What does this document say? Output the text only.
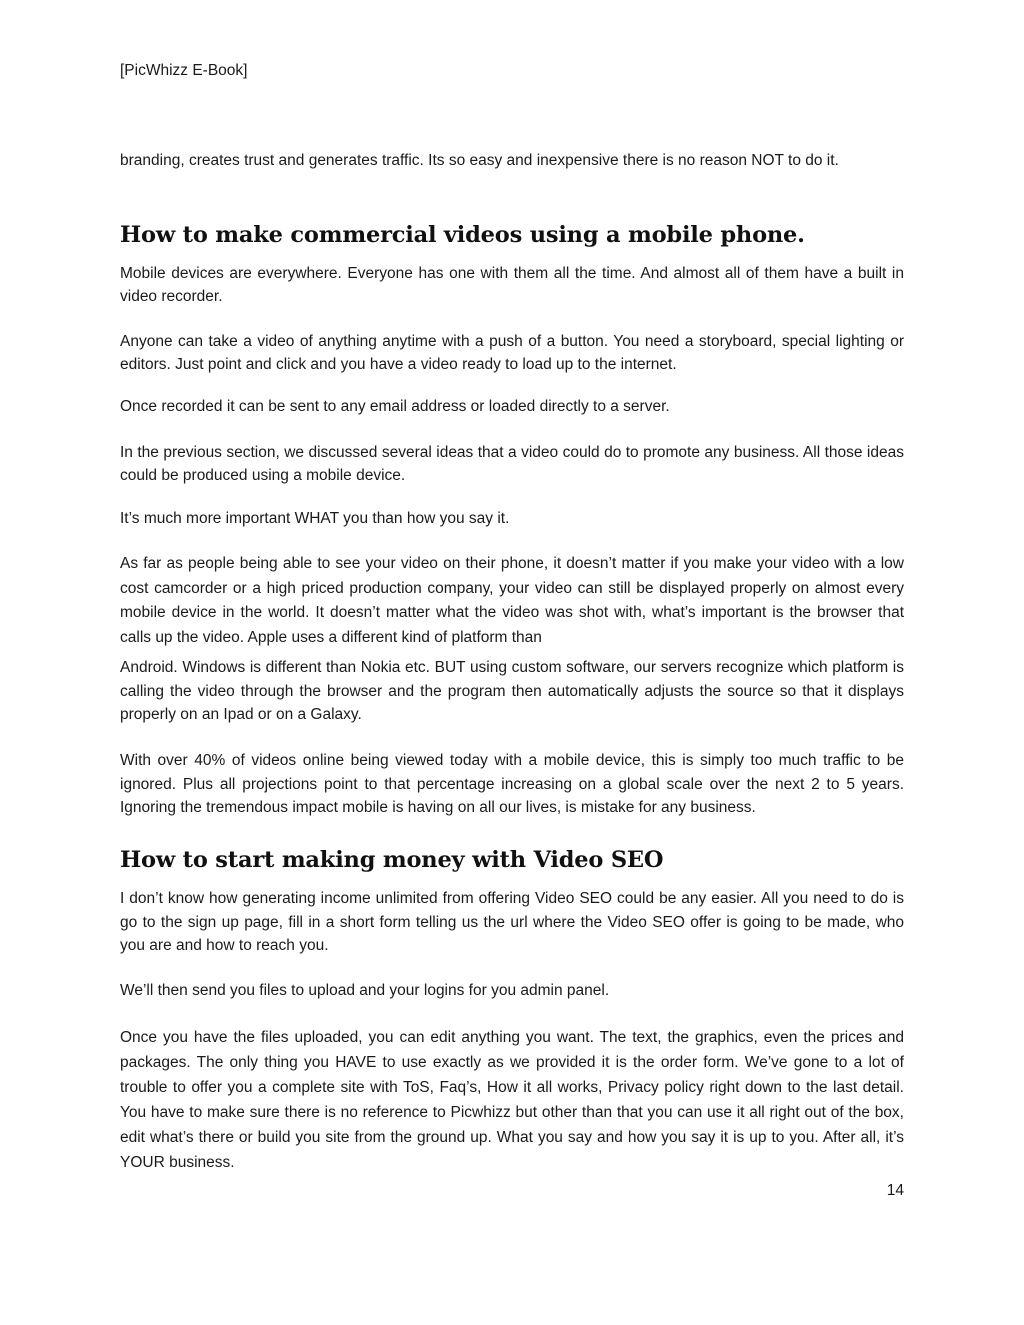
[PicWhizz E-Book]

branding, creates trust and generates traffic. Its so easy and inexpensive there is no reason NOT to do it.

How to make commercial videos using a mobile phone.

Mobile devices are everywhere. Everyone has one with them all the time. And almost all of them have a built in video recorder.

Anyone can take a video of anything anytime with a push of a button. You need a storyboard, special lighting or editors. Just point and click and you have a video ready to load up to the internet.

Once recorded it can be sent to any email address or loaded directly to a server.

In the previous section, we discussed several ideas that a video could do to promote any business. All those ideas could be produced using a mobile device.

It’s much more important WHAT you than how you say it.

As far as people being able to see your video on their phone, it doesn’t matter if you make your video with a low cost camcorder or a high priced production company, your video can still be displayed properly on almost every mobile device in the world. It doesn’t matter what the video was shot with, what’s important is the browser that calls up the video. Apple uses a different kind of platform than

Android. Windows is different than Nokia etc. BUT using custom software, our servers recognize which platform is calling the video through the browser and the program then automatically adjusts the source so that it displays properly on an Ipad or on a Galaxy.

With over 40% of videos online being viewed today with a mobile device, this is simply too much traffic to be ignored. Plus all projections point to that percentage increasing on a global scale over the next 2 to 5 years. Ignoring the tremendous impact mobile is having on all our lives, is mistake for any business.

How to start making money with Video SEO

I don’t know how generating income unlimited from offering Video SEO could be any easier. All you need to do is go to the sign up page, fill in a short form telling us the url where the Video SEO offer is going to be made, who you are and how to reach you.

We’ll then send you files to upload and your logins for you admin panel.

Once you have the files uploaded, you can edit anything you want. The text, the graphics, even the prices and packages. The only thing you HAVE to use exactly as we provided it is the order form. We’ve gone to a lot of trouble to offer you a complete site with ToS, Faq’s, How it all works, Privacy policy right down to the last detail. You have to make sure there is no reference to Picwhizz but other than that you can use it all right out of the box, edit what’s there or build you site from the ground up. What you say and how you say it is up to you. After all, it’s YOUR business.

14
